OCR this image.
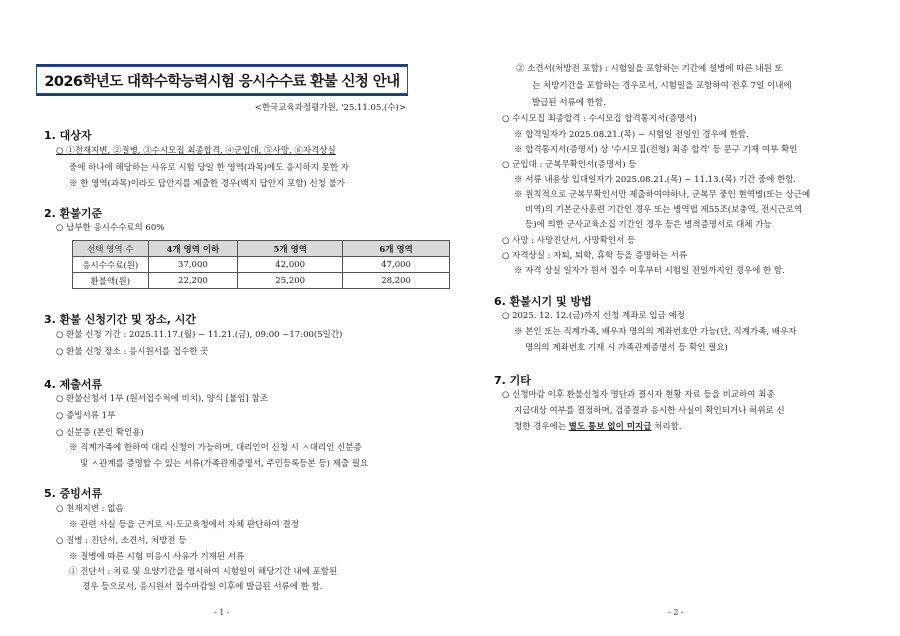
2026학년도 대학수학능력시험 응시수수료 환불 신청 안내
<한국교육과정평가원, '25.11.05.(수)>
1. 대상자
○ ①전재지변, ②질병, ③수시모집 최종합격, ④군입대, ⑤사망, ⑥자격상실
중에 하나에 해당하는 사유로 시험 당일 한 영역(과목)에도 응시하지 못한 자
※ 한 영역(과목)이라도 답안지를 제출한 경우(백지 답안지 포함) 신청 불가
2. 환불기준
○ 납부한 응시수수료의 60%
선택 영역 수	4개 영역 이하	5개 영역	6개 영역
응시수수료(원)	37,000	42,000	47,000
환불액(원)	22,200	25,200	28,200
3. 환불 신청기간 및 장소, 시간
○ 환불 신청 기간 : 2025.11.17.(월) ~ 11.21.(금), 09:00 ~17:00(5일간)
○ 환불 신청 장소 : 응시원서를 접수한 곳
4. 제출서류
○ 환불신청서 1부 (원서접수처에 비치), 양식 [붙임] 참조
○ 증빙서류 1부
○ 신분증 (본인 확인용)
※ 직계가족에 한하여 대리 신청이 가능하며, 대리인이 신청 시 ㅅ대리인 신분증
및 ㅅ관계를 증명할 수 있는 서류(가족관계증명서, 주민등록등본 등) 제출 필요
5. 증빙서류
○ 천재지변 : 없음
※ 관련 사실 등을 근거로 시·도교육청에서 자체 판단하여 결정
○ 질병 : 진단서, 소견서, 처방전 등
※ 질병에 따른 시험 미응시 사유가 기재된 서류
① 진단서 : 치료 및 요양기간을 명시하여 시험일이 해당기간 내에 포함된
경우 등으로서, 응시원서 접수마감일 이후에 발급된 서류에 한 함.
- 1 -
② 소견서(처방전 포함) : 시험일을 포함하는 기간에 설병에 따른 내원 또
는 처방기간을 포함하는 경우로서, 시험일을 포함하여 전후 7일 이내에
발급된 서류에 한함.
○ 수시모집 최종합격 : 수시모집 합격통지서(증명서)
※ 합격일자가 2025.08.21.(목) ~ 시험일 전일인 경우에 한함.
※ 합격통지서(증명서) 상 '수시모집(전형) 최종 합격' 등 문구 기재 여부 확인
○ 군입대 : 군복무확인서(증명서) 등
※ 서류 내용상 입대일자가 2025.08.21.(목) ~ 11.13.(목) 기간 중에 한함.
※ 원칙적으로 군복무확인서만 제출하여야하나, 군복무 중인 현역병(또는 상근예
비역)의 기본군사훈련 기간인 경우 또는 병역법 제55조(보충역, 전시근로역
등)에 의한 군사교육소집 기간인 경우 등은 병적증명서로 대체 가능
○ 사망 : 사망진단서, 사망확인서 등
○ 자격상실 : 자퇴, 퇴학, 휴학 등을 증명하는 서류
※ 자격 상실 일자가 원서 접수 이후부터 시험일 전일까지인 경우에 한 함.
6. 환불시기 및 방법
○ 2025. 12. 12.(금)까지 신청 계좌로 입금 예정
※ 본인 또는 직계가족, 배우자 명의의 계좌번호만 가능(단, 직계가족, 배우자
명의의 계좌번호 기재 시 가족관계증명서 등 확인 필요)
7. 기타
○ 신청마감 이후 환불신청자 명단과 결시자 현황 자료 등을 비교하여 최종
지급대상 여부를 결정하며, 검증결과 응시한 사실이 확인되거나 허위로 신
청한 경우에는 별도 통보 없이 미지급 처리함.
- 2 -
